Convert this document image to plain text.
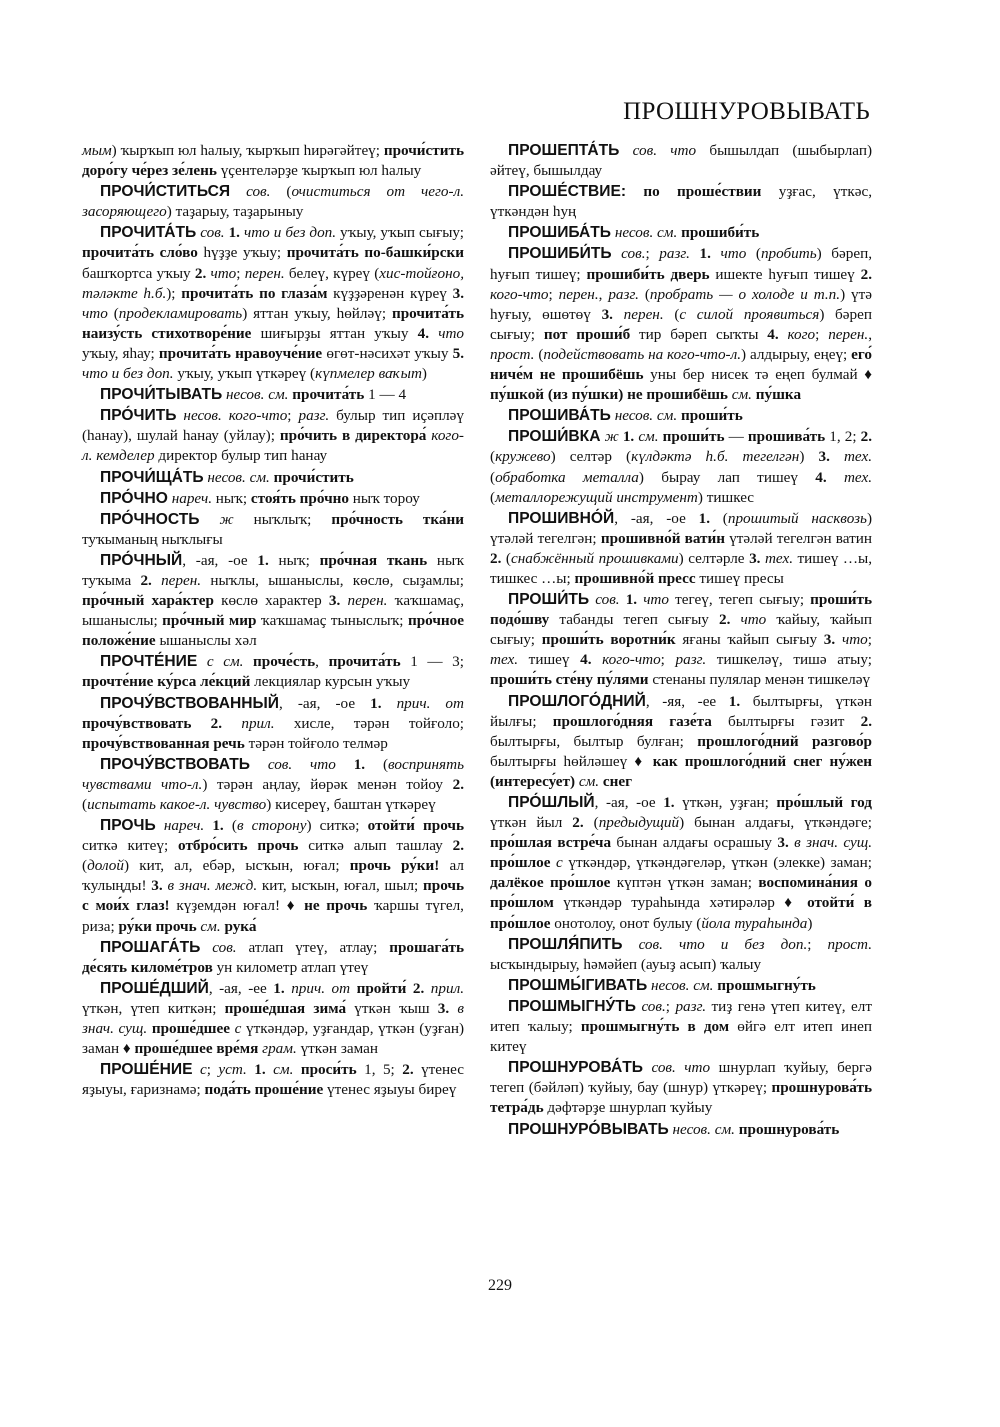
ПРОШНУРОВЫВАТЬ

мым) ҡырҡып юл һалыу, ҡырҡып һирәгәйтеү; прочи́стить доро́гу че́рез зе́лень үҫентеләрҙе ҡырҡып юл һалыу

ПРОЧИ́СТИТЬСЯ сов. (очиститься от чего-л. засоряющего) таҙарыу, таҙарыныу

ПРОЧИТА́ТЬ сов. 1. что и без доп. уҡыу, уҡып сығыу; прочита́ть сло́во һүҙҙе уҡыу; прочита́ть по-башки́рски башҡортса уҡыу 2. что; перен. белеү, күреү (хис-тойғоно, тәләкте һ.б.); прочита́ть по глаза́м күҙҙәренән күреү 3. что (продекламировать) яттан уҡыу, һөйләү; прочита́ть наизу́сть стихотворе́ние шиғырҙы яттан уҡыу 4. что уҡыу, яһау; прочита́ть нравоуче́ние өгөт-нәсихәт уҡыу 5. что и без доп. уҡыу, уҡып үткәреү (күпмелер ваҡыт)

ПРОЧИ́ТЫВАТЬ несов. см. прочита́ть 1 — 4

ПРО́ЧИТЬ несов. кого-что; разг. булыр тип иҫәпләү (һанау), шулай һанау (уйлау); про́чить в директора́ кого-л. кемделер директор булыр тип һанау

ПРОЧИ́ЩА́ТЬ несов. см. прочи́стить

ПРО́ЧНО нареч. ныҡ; стоя́ть про́чно ныҡ тороу

ПРО́ЧНОСТЬ ж ныҡлыҡ; про́чность тка́ни туҡыманың ныҡлығы

ПРО́ЧНЫЙ, -ая, -ое 1. ныҡ; про́чная ткань ныҡ туҡыма 2. перен. ныҡлы, ышаныслы, көслө, сыҙамлы; про́чный хара́ктер көслө характер 3. перен. ҡаҡшамаҫ, ышаныслы; про́чный мир ҡаҡшамаҫ тыныслыҡ; про́чное положе́ние ышаныслы хәл

ПРОЧТЕ́НИЕ с см. проче́сть, прочита́ть 1 — 3; прочте́ние ку́рса ле́кций лекциялар курсын уҡыу

ПРОЧУ́ВСТВОВАННЫЙ, -ая, -ое 1. прич. от прочу́вствовать 2. прил. хисле, тәрән тойғоло; прочу́вствованная речь тәрән тойғоло телмәр

ПРОЧУ́ВСТВОВАТЬ сов. что 1. (воспринять чувствами что-л.) тәрән аңлау, йөрәк менән тойоу 2. (испытать какое-л. чувство) кисереү, баштан үткәреү

ПРОЧЬ нареч. 1. (в сторону) ситкә; отойти́ прочь ситкә китеү; отбро́сить прочь ситкә алып ташлау 2. (долой) кит, ал, ебәр, ысҡын, юғал; прочь ру́ки! ал ҡулыңды! 3. в знач. межд. кит, ысҡын, юғал, шыл; прочь с мои́х глаз! күҙемдән юғал! ♦ не прочь ҡаршы түгел, риза; ру́ки прочь см. рука́

ПРОШАГА́ТЬ сов. атлап үтеү, атлау; прошага́ть де́сять киломе́тров ун километр атлап үтеү

ПРОШЕ́ДШИЙ, -ая, -ее 1. прич. от пройти́ 2. прил. үткән, үтеп киткән; проше́дшая зима́ үткән ҡыш 3. в знач. сущ. проше́дшее с үткәндәр, уҙғандар, үткән (уҙған) заман ♦ проше́дшее вре́мя грам. үткән заман

ПРОШЕ́НИЕ с; уст. 1. см. проси́ть 1, 5; 2. үтенес яҙыуы, ғаризнамә; пода́ть проше́ние үтенес яҙыуы биреү

ПРОШЕПТА́ТЬ сов. что бышылдап (шыбырлап) әйтеү, бышылдау

ПРОШЕ́СТВИЕ: по проше́ствии уҙғас, үткәс, үткәндән һуң

ПРОШИБА́ТЬ несов. см. прошиби́ть

ПРОШИБИ́ТЬ сов.; разг. 1. что (пробить) бәреп, һуғып тишеү; прошиби́ть дверь ишекте һуғып тишеү 2. кого-что; перен., разг. (пробрать — о холоде и т.п.) үтә һуғыу, өшөтөү 3. перен. (с силой проявиться) бәреп сығыу; пот проши́б тир бәреп сыҡты 4. кого; перен., прост. (подействовать на кого-что-л.) алдырыу, еңеү; его́ ниче́м не прошибёшь уны бер нисек тә еңеп булмай ♦ пу́шкой (из пу́шки) не прошибёшь см. пу́шка

ПРОШИВА́ТЬ несов. см. проши́ть

ПРОШИ́ВКА ж 1. см. проши́ть — прошива́ть 1, 2; 2. (кружево) селтәр (күлдәктә һ.б. тегелгән) 3. тех. (обработка металла) бырау лап тишеү 4. тех. (металлорежущий инструмент) тишкес

ПРОШИВНО́Й, -ая, -ое 1. (прошитый насквозь) үтәләй тегелгән; прошивно́й вати́н үтәләй тегелгән ватин 2. (снабжённый прошивками) селтәрле 3. тех. тишеү …ы, тишкес …ы; прошивно́й пресс тишеү пресы

ПРОШИ́ТЬ сов. 1. что тегеү, тегеп сығыу; проши́ть подо́шву табанды тегеп сығыу 2. что ҡайыу, ҡайып сығыу; проши́ть воротни́к яғаны ҡайып сығыу 3. что; тех. тишеү 4. кого-что; разг. тишкеләү, тишә атыу; проши́ть сте́ну пу́лями стенаны пулялар менән тишкеләү

ПРОШЛОГО́ДНИЙ, -яя, -ее 1. былтырғы, үткән йылғы; прошлого́дняя газе́та былтырғы гәзит 2. былтырғы, былтыр булған; прошлого́дний разгово́р былтырғы һөйләшеү ♦ как прошлого́дний снег ну́жен (интересу́ет) см. снег

ПРО́ШЛЫЙ, -ая, -ое 1. үткән, уҙған; про́шлый год үткән йыл 2. (предыдущий) бынан алдағы, үткәндәге; про́шлая встре́ча бынан алдағы осрашыу 3. в знач. сущ. про́шлое с үткәндәр, үткәндәгеләр, үткән (элекке) заман; далёкое про́шлое күптән үткән заман; воспомина́ния о про́шлом үткәндәр тураһында хәтирәләр ♦ отойти́ в про́шлое онотолоу, онот булыу (йола тураһында)

ПРОШЛЯ́ПИТЬ сов. что и без доп.; прост. ысҡындырыу, һәмәйеп (ауыҙ асып) ҡалыу

ПРОШМЫ́ГИВАТЬ несов. см. прошмыгну́ть

ПРОШМЫГНУ́ТЬ сов.; разг. тиҙ генә үтеп китеү, елт итеп ҡалыу; прошмыгну́ть в дом өйгә елт итеп инеп китеү

ПРОШНУРОВА́ТЬ сов. что шнурлап ҡуйыу, бергә тегеп (бәйләп) ҡуйыу, бау (шнур) үткәреү; прошнурова́ть тетра́дь дәфтәрҙе шнурлап ҡуйыу

ПРОШНУРО́ВЫВАТЬ несов. см. прошнурова́ть

229
